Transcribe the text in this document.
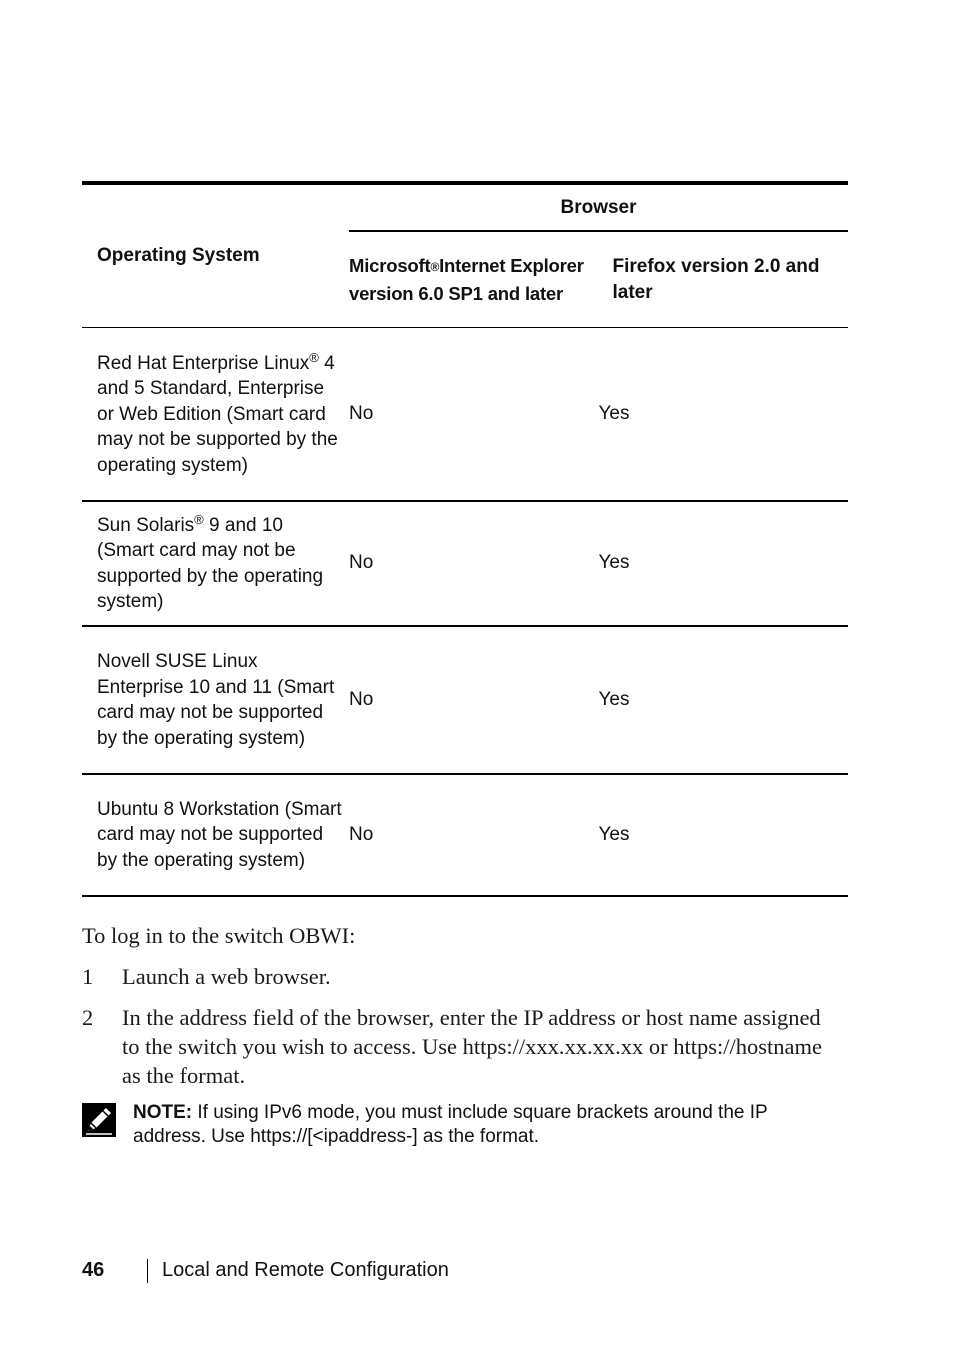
Operating System	Browser	
	Microsoft®Internet Explorer version 6.0 SP1 and later	Firefox version 2.0 and later
Red Hat Enterprise Linux® 4 and 5 Standard, Enterprise or Web Edition (Smart card may not be supported by the operating system)	No	Yes
Sun Solaris® 9 and 10 (Smart card may not be supported by the operating system)	No	Yes
Novell SUSE Linux Enterprise 10 and 11 (Smart card may not be supported by the operating system)	No	Yes
Ubuntu 8 Workstation (Smart card may not be supported by the operating system)	No	Yes
To log in to the switch OBWI:
1 Launch a web browser.
2 In the address field of the browser, enter the IP address or host name assigned to the switch you wish to access. Use https://xxx.xx.xx.xx or https://hostname as the format.
NOTE: If using IPv6 mode, you must include square brackets around the IP address. Use https://[<ipaddress-] as the format.
46	Local and Remote Configuration
